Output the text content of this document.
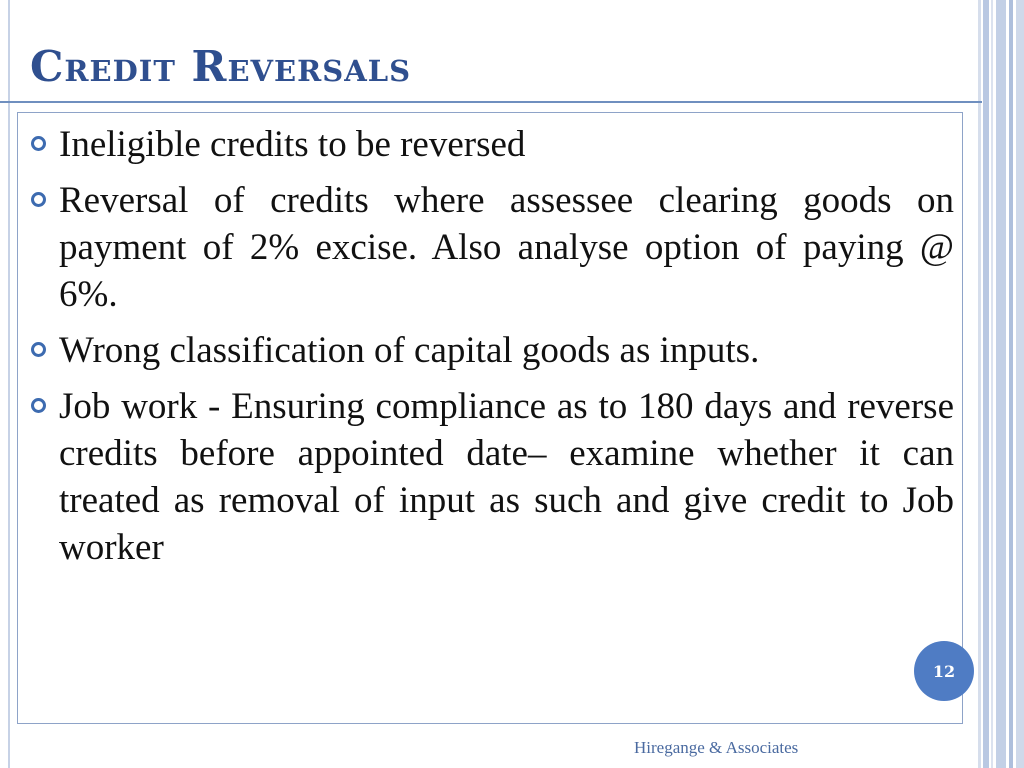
Credit Reversals
Ineligible credits to be reversed
Reversal of credits where assessee clearing goods on payment of 2% excise. Also analyse option of paying @ 6%.
Wrong classification of capital goods as inputs.
Job work - Ensuring compliance as to 180 days and reverse credits before appointed date– examine whether it can treated as removal of input as such and give credit to Job worker
12
Hiregange & Associates
